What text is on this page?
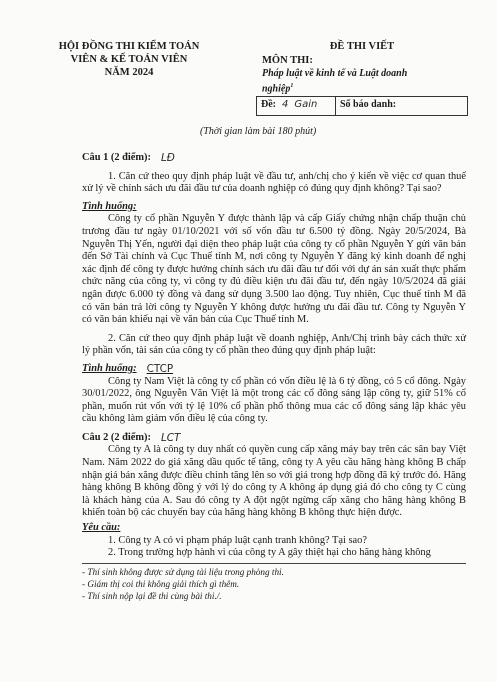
HỘI ĐỒNG THI KIỂM TOÁN
VIÊN & KẾ TOÁN VIÊN
NĂM 2024
ĐỀ THI VIẾT
MÔN THI:
Pháp luật về kinh tế và Luật doanh
nghiệp$^1$
Đề: 4 Gain	Số báo danh:
(Thời gian làm bài 180 phút)

Câu 1 (2 điểm): LĐ

1. Căn cứ theo quy định pháp luật về đầu tư, anh/chị cho ý kiến về việc cơ quan thuế xử lý về chính sách ưu đãi đầu tư của doanh nghiệp có đúng quy định không? Tại sao?

Tình huống:

Công ty cổ phần Nguyễn Y được thành lập và cấp Giấy chứng nhận chấp thuận chủ trương đầu tư ngày 01/10/2021 với số vốn đầu tư 6.500 tỷ đồng. Ngày 20/5/2024, Bà Nguyễn Thị Yến, người đại diện theo pháp luật của công ty cổ phần Nguyễn Y gửi văn bản đến Sở Tài chính và Cục Thuế tỉnh M, nơi công ty Nguyễn Y đăng ký kinh doanh để nghị xác định để công ty được hưởng chính sách ưu đãi đầu tư đối với dự án sản xuất thực phẩm chức năng của công ty, vì công ty đủ điều kiện ưu đãi đầu tư, đến ngày 10/5/2024 đã giải ngân được 6.000 tỷ đồng và đang sử dụng 3.500 lao động. Tuy nhiên, Cục thuế tỉnh M đã có văn bản trả lời công ty Nguyễn Y không được hưởng ưu đãi đầu tư. Công ty Nguyễn Y có văn bản khiếu nại về văn bản của Cục Thuế tỉnh M.

2. Căn cứ theo quy định pháp luật về doanh nghiệp, Anh/Chị trình bày cách thức xử lý phần vốn, tài sản của công ty cổ phần theo đúng quy định pháp luật:

Tình huống: CTCP

Công ty Nam Việt là công ty cổ phần có vốn điều lệ là 6 tỷ đồng, có 5 cổ đông. Ngày 30/01/2022, ông Nguyễn Văn Việt là một trong các cổ đông sáng lập công ty, giữ 51% cổ phần, muốn rút vốn với tỷ lệ 10% cổ phần phổ thông mua các cổ đông sáng lập khác yêu cầu không làm giảm vốn điều lệ của công ty.

Câu 2 (2 điểm): LCT

Công ty A là công ty duy nhất có quyền cung cấp xăng máy bay trên các sân bay Việt Nam. Năm 2022 do giá xăng dầu quốc tế tăng, công ty A yêu cầu hãng hàng không B chấp nhận giá bán xăng được điều chỉnh tăng lên so với giá trong hợp đồng đã ký trước đó. Hãng hàng không B không đồng ý với lý do công ty A không áp dụng giá đó cho công ty C cùng là khách hàng của A. Sau đó công ty A đột ngột ngừng cấp xăng cho hãng hàng không B khiến toàn bộ các chuyến bay của hãng hàng không B không thực hiện được.

Yêu cầu:

1. Công ty A có vi phạm pháp luật cạnh tranh không? Tại sao?

2. Trong trường hợp hành vi của công ty A gây thiệt hại cho hãng hàng không

- Thí sinh không được sử dụng tài liệu trong phòng thi.

- Giám thị coi thi không giải thích gì thêm.

- Thí sinh nộp lại đề thi cùng bài thi./.
